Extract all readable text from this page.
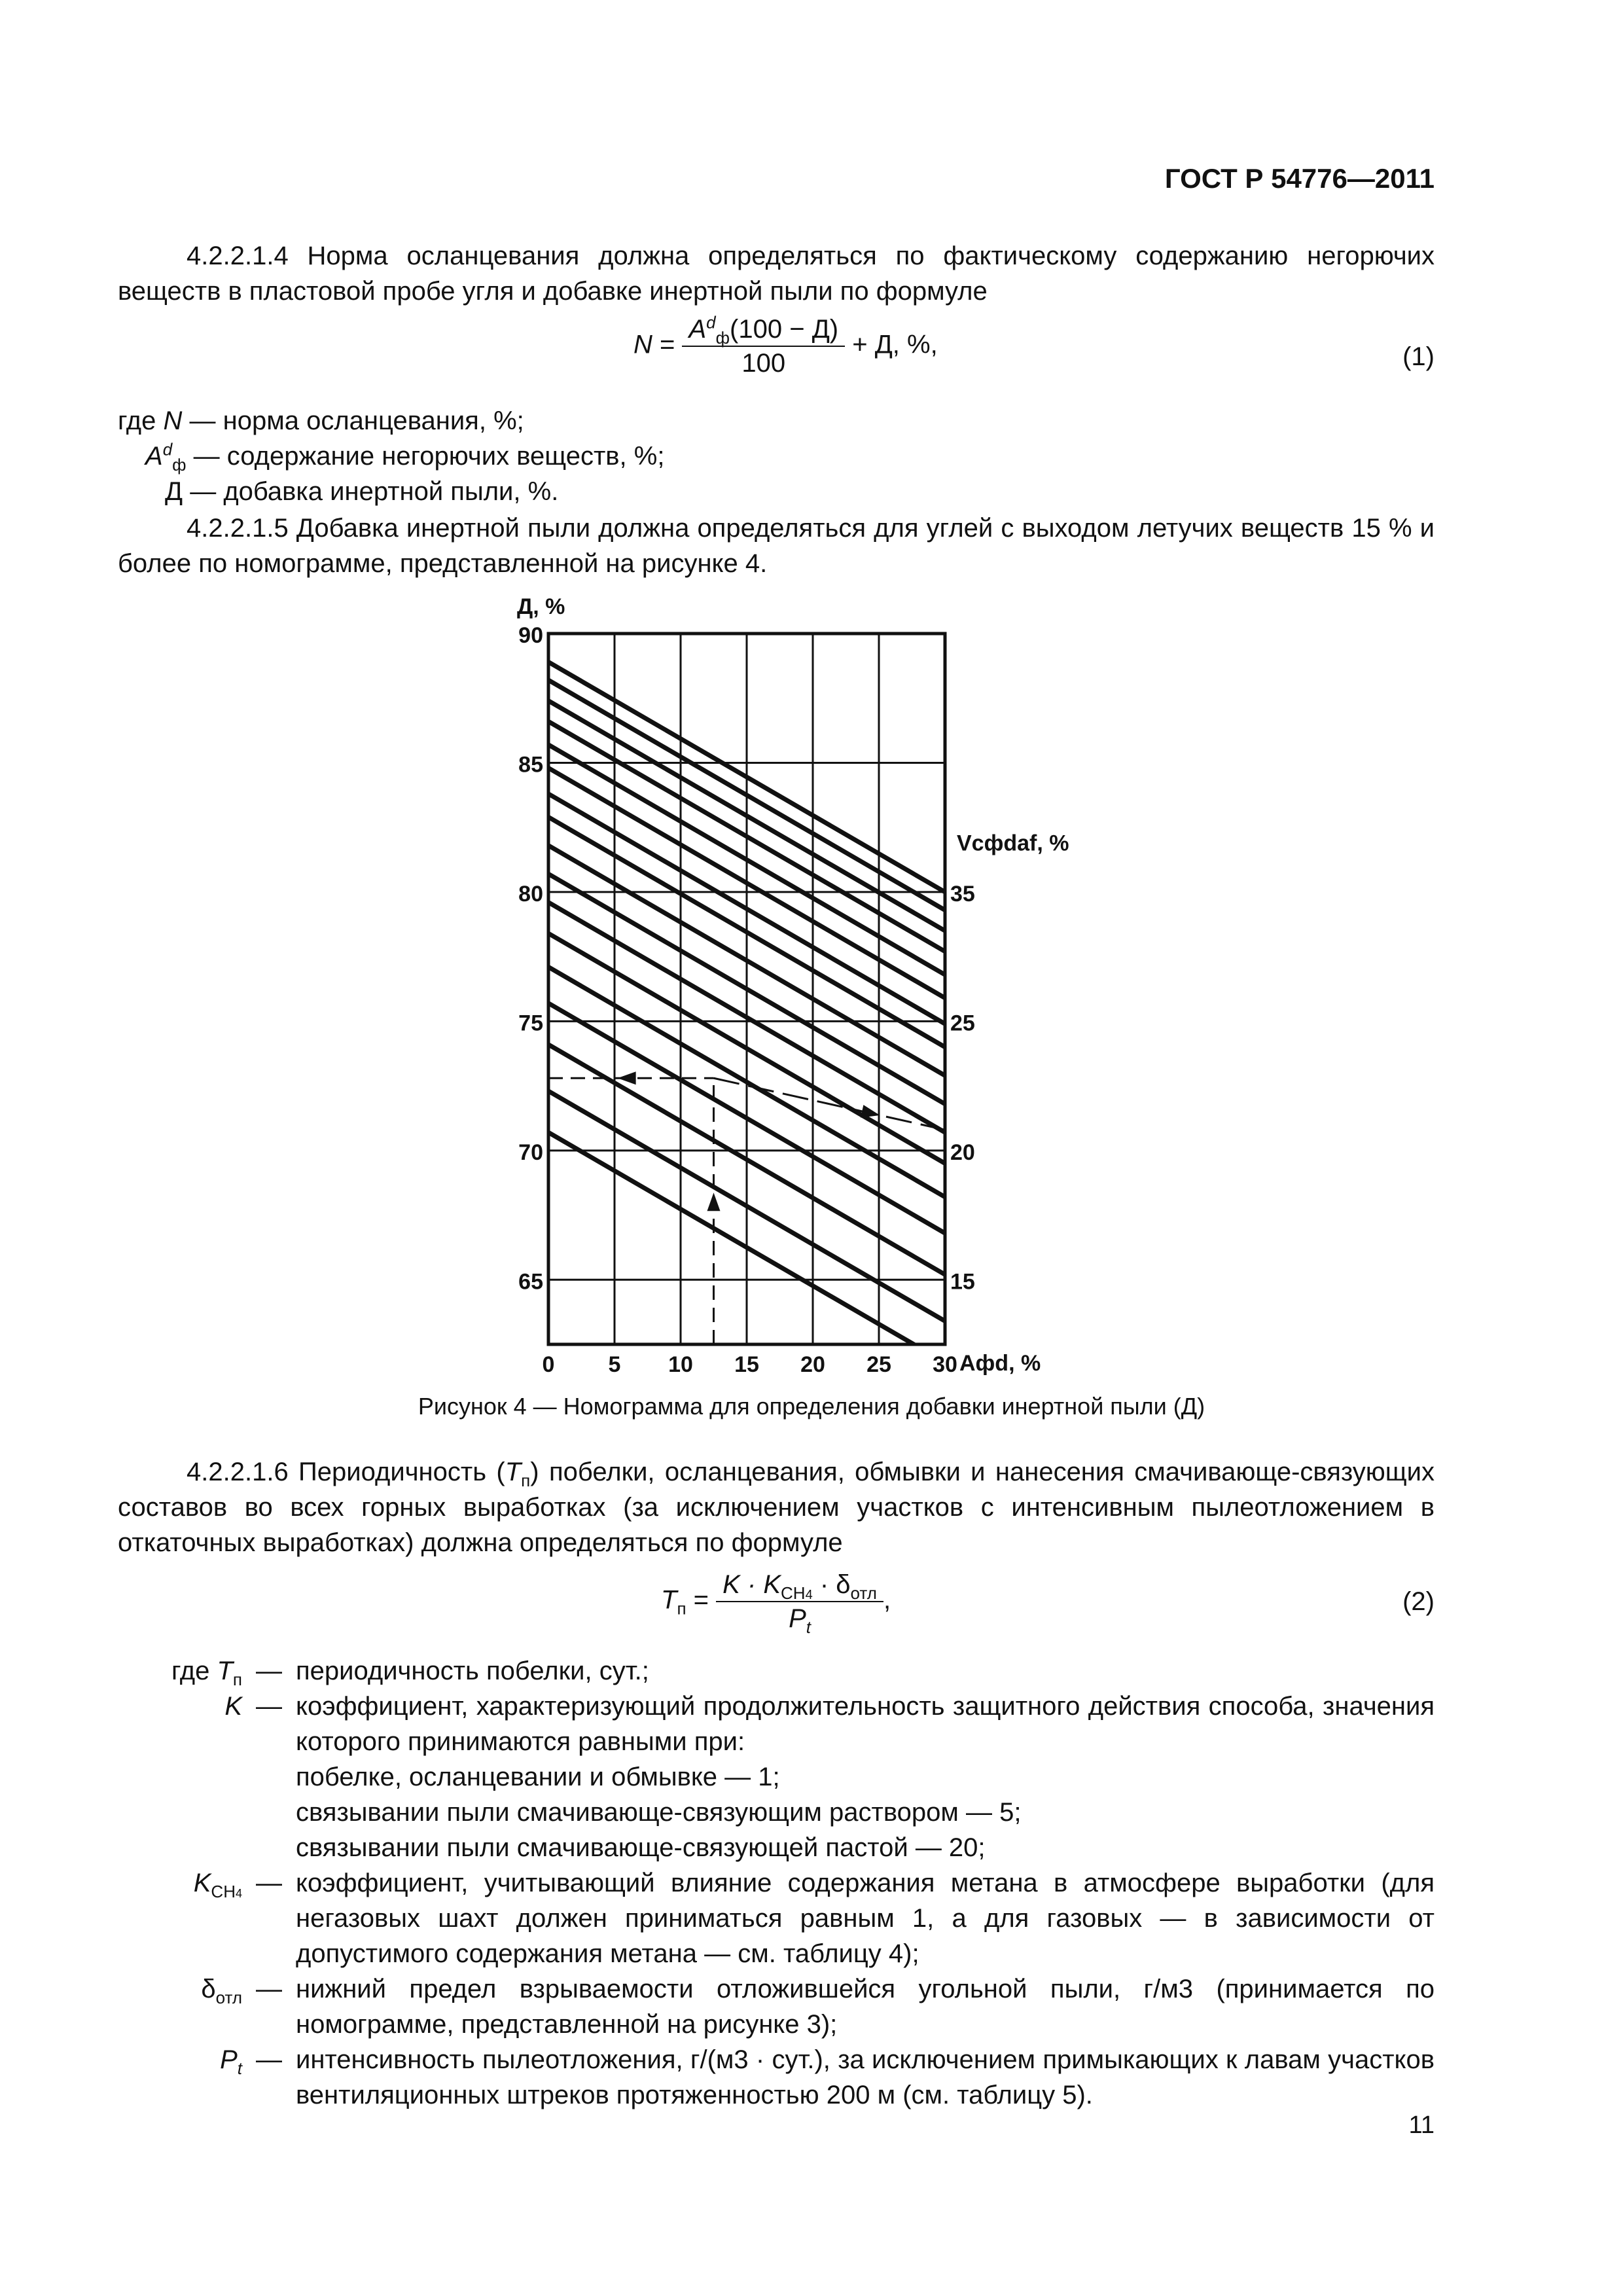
ГОСТ Р 54776—2011
4.2.2.1.4 Норма осланцевания должна определяться по фактическому содержанию негорючих веществ в пластовой пробе угля и добавке инертной пыли по формуле
$N = \frac{A^d_ф(100 - Д)}{100} + Д$, %,	(1)
где N — норма осланцевания, %;
$A^d_ф$ — содержание негорючих веществ, %;
Д — добавка инертной пыли, %.
4.2.2.1.5 Добавка инертной пыли должна определяться для углей с выходом летучих веществ 15 % и более по номограмме, представленной на рисунке 4.
65
70
75
80
85
90
0 5 10 15 20 25 30
35
25
20
15
Д, %
Aфd, %
Vсфdaf, %
Рисунок 4 — Номограмма для определения добавки инертной пыли (Д)
4.2.2.1.6 Периодичность $(T_п)$ побелки, осланцевания, обмывки и нанесения смачивающе-связующих составов во всех горных выработках (за исключением участков с интенсивным пылеотложением в откаточных выработках) должна определяться по формуле
$T_п = \frac{K \cdot K_{CH4} \cdot \delta_{отл}}{P_t}$ ,	(2)
где $T_п$ — периодичность побелки, сут.;
K — коэффициент, характеризующий продолжительность защитного действия способа, значения которого принимаются равными при:
побелке, осланцевании и обмывке — 1;
связывании пыли смачивающе-связующим раствором — 5;
связывании пыли смачивающе-связующей пастой — 20;
$K_{CH4}$ — коэффициент, учитывающий влияние содержания метана в атмосфере выработки (для негазовых шахт должен приниматься равным 1, а для газовых — в зависимости от допустимого содержания метана — см. таблицу 4);
$\delta_{отл}$ — нижний предел взрываемости отложившейся угольной пыли, г/м3 (принимается по номограмме, представленной на рисунке 3);
$P_t$ — интенсивность пылеотложения, г/(м3 · сут.), за исключением примыкающих к лавам участков вентиляционных штреков протяженностью 200 м (см. таблицу 5).
11
